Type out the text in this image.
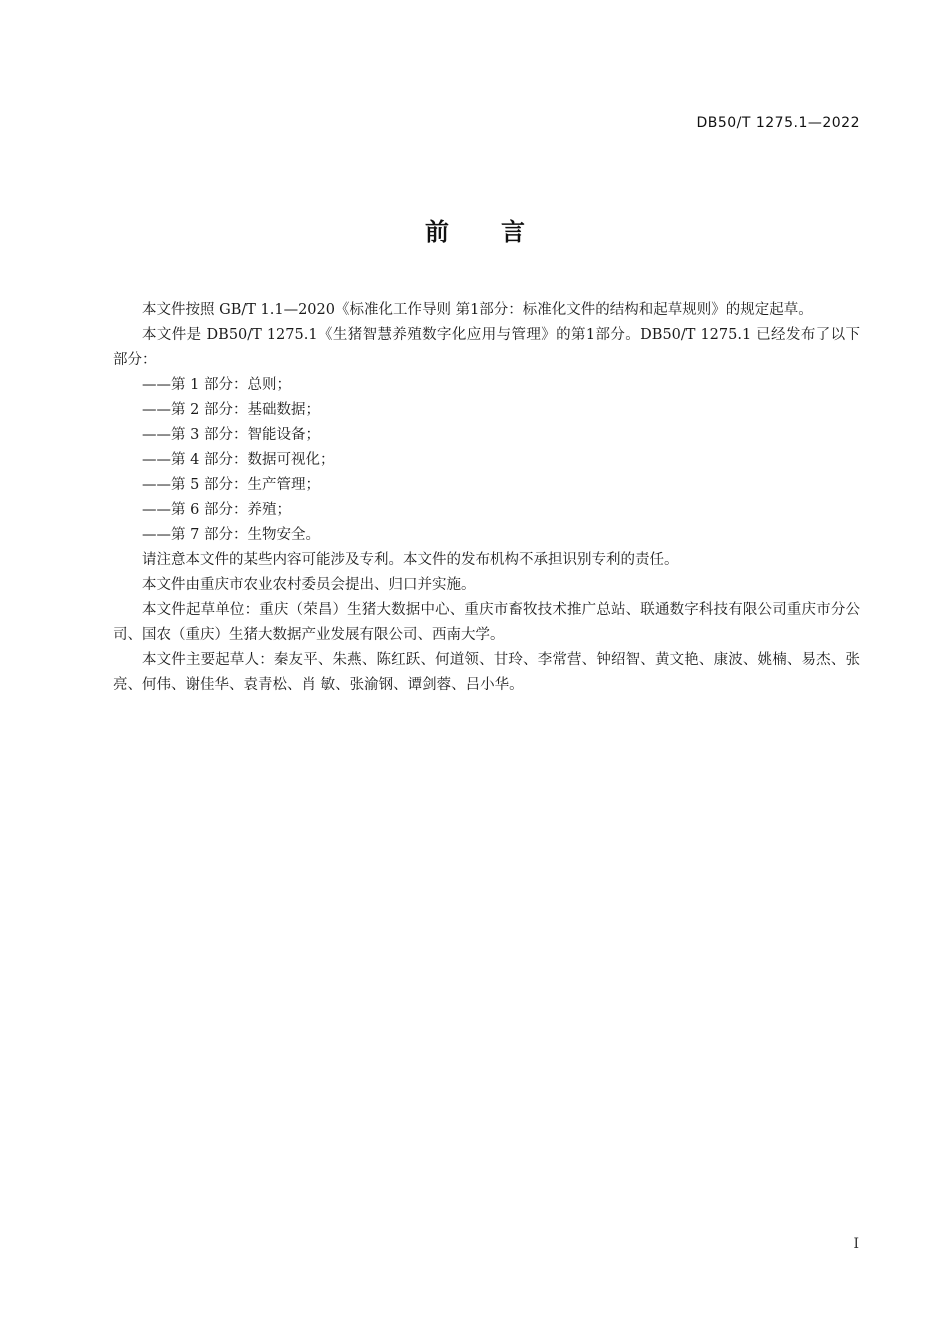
DB50/T 1275.1—2022
前言

本文件按照 GB/T 1.1—2020《标准化工作导则 第1部分：标准化文件的结构和起草规则》的规定起草。

本文件是 DB50/T 1275.1《生猪智慧养殖数字化应用与管理》的第1部分。DB50/T 1275.1 已经发布了以下部分：

——第 1 部分：总则；

——第 2 部分：基础数据；

——第 3 部分：智能设备；

——第 4 部分：数据可视化；

——第 5 部分：生产管理；

——第 6 部分：养殖；

——第 7 部分：生物安全。

请注意本文件的某些内容可能涉及专利。本文件的发布机构不承担识别专利的责任。

本文件由重庆市农业农村委员会提出、归口并实施。

本文件起草单位：重庆（荣昌）生猪大数据中心、重庆市畜牧技术推广总站、联通数字科技有限公司重庆市分公司、国农（重庆）生猪大数据产业发展有限公司、西南大学。

本文件主要起草人：秦友平、朱燕、陈红跃、何道领、甘玲、李常营、钟绍智、黄文艳、康波、姚楠、易杰、张亮、何伟、谢佳华、袁青松、肖 敏、张渝钢、谭剑蓉、吕小华。

I
